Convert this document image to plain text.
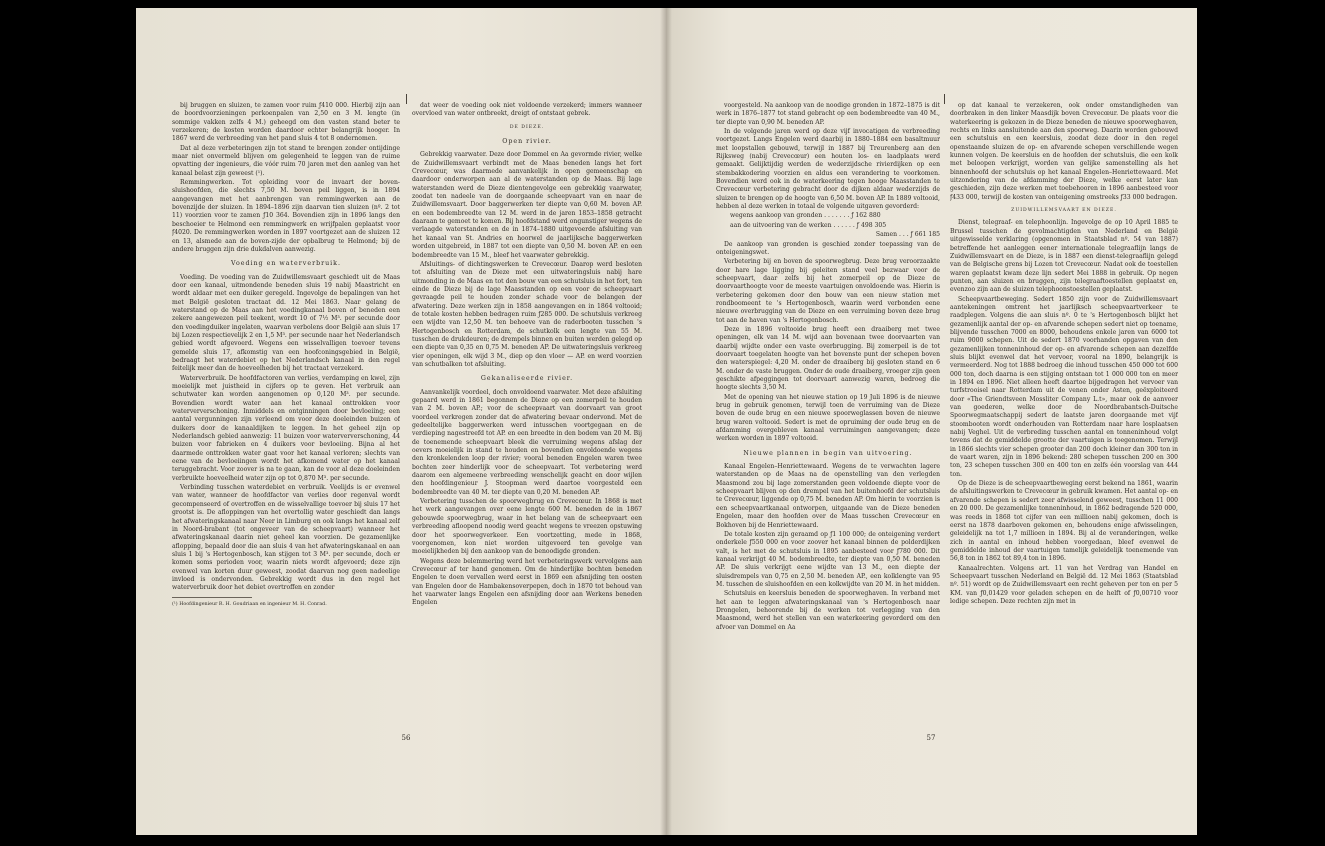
bij bruggen en sluizen, te zamen voor ruim ƒ410 000. Hierbij zijn aan de boordvoorzieningen perkoenpalen van 2,50 en 3 M. lengte (in sommige vakken zelfs 4 M.) geheegd om den vasten stand beter te verzekeren; de kosten worden daardoor echter belangrijk hooger. In 1867 werd de verbreeding van het pand sluis 4 tot 8 ondernomen.

Dat al deze verbeteringen zijn tot stand te brengen zonder ontijdinge maar niet onvermeld blijven om gelegenheid te leggen van de ruime opvatting der ingenieurs, die vóór ruim 70 jaren met den aanleg van het kanaal belast zijn geweest (¹).

Remmingwerken. Tot opleiding voor de invaart der boven-sluishoofden, die slechts 7,50 M. boven peil liggen, is in 1894 aangevangen met het aanbrengen van remmingwerken aan de bovenzijde der sluizen. In 1894–1896 zijn daarvan tien sluizen (nº. 2 tot 11) voorzien voor te zamen ƒ10 364. Bovendien zijn in 1896 langs den beschoeier te Helmond een remmingwerk en wrijfpalen geplaatst voor ƒ4020. De remmingwerken worden in 1897 voortgezet aan de sluizen 12 en 13, alsmede aan de boven-zijde der opbalbrug te Helmond; bij de andere bruggen zijn drie dukdalven aanwezig.

Voeding en waterverbruik.

Voeding. De voeding van de Zuidwillemsvaart geschiedt uit de Maas door een kanaal, uitmondende beneden sluis 19 nabij Maastricht en wordt aldaar met een duiker geregeld. Ingevolge de bepalingen van het met België gesloten tractaat dd. 12 Mei 1863. Naar gelang de waterstand op de Maas aan het voedingkanaal boven of beneden een zekere aangewezen peil teekent, wordt 10 of 7½ M³. per secunde door den voedingduiker ingelaten, waarvan verbolens door België aan sluis 17 bij Lozen respectievelijk 2 en 1,5 M³. per secunde naar het Nederlandsch gebied wordt afgevoerd. Wegens een wisselvalligen toevoer tevens gemelde sluis 17, afkomstig van een hoofconingsgebied in België, bedraagt het waterdebiet op het Nederlandsch kanaal in den regel feitelijk meer dan de hoeveelheden bij het tractaat verzekerd.

Waterverbruik. De hoofdfactoren van verlies, verdamping en kwel, zijn moeielijk met juistheid in cijfers op te geven. Het verbruik aan schutwater kan worden aangenomen op 0,120 M³. per secunde. Bovendien wordt water aan het kanaal onttrokken voor waterververschoning. Inmiddels en ontginningen door bevloeiing; een aantal vergunningen zijn verleend om voor deze doeleinden buizen of duikers door de kanaaldijken te leggen. In het geheel zijn op Nederlandsch gebied aanwezig: 11 buizen voor waterververschoning, 44 buizen voor fabrieken en 4 duikers voor bevloeiing. Bijna al het daarmede onttrokken water gaat voor het kanaal verloren; slechts van eene van de bevloeiingen wordt het afkomend water op het kanaal teruggebracht. Voor zoover is na te gaan, kan de voor al deze doeleinden verbruikte hoeveelheid water zijn op tot 0,870 M³. per secunde.

Verbinding tusschen waterdebiet en verbruik. Veelijds is er evenwel van water, wanneer de hoofdfactor van verlies door regenval wordt gecompenseerd of overtroffen en de wisselvallige toevoer bij sluis 17 het grootst is. De afloppingen van het overtollig water geschiedt dan langs het afwateringskanaal naar Neer in Limburg en ook langs het kanaal zelf in Noord-brabant (tot ongeveer van de scheepvaart) wanneer het afwateringskanaal daarin niet geheel kan voorzien. De gezamenlijke aflopping, bepaald door die aan sluis 4 van het afwateringskanaal en aan sluis 1 bij 's Hertogenbosch, kan stijgen tot 3 M³. per secunde, doch er komen soms perioden voor, waarin niets wordt afgevoerd; deze zijn evenwel van korten duur geweest, zoodat daarvan nog geen nadeelige invloed is ondervonden. Gebrekkig wordt dus in den regel het waterverbruik door het debiet overtroffen en zonder

(¹) Hoofdingenieur R. H. Goudriaan en ingenieur M. H. Conrad.

dat weer de voeding ook niet voldoende verzekerd; immers wanneer overvloed van water ontbreekt, dreigt of ontstaat gebrek.

DE DIEZE.

Open rivier.

Gebrekkig vaarwater. Deze door Dommel en Aa gevormde rivier, welke de Zuidwillemsvaart verbindt met de Maas beneden langs het fort Crevecœur, was daarmede aanvankelijk in open gemeenschap en daardoor onderworpen aan al de waterstanden op de Maas. Bij lage waterstanden werd de Dieze dientengevolge een gebrekkig vaarwater, zoodat ten nadeele van de doorgaande scheepvaart van en naar de Zuidwillemsvaart. Door baggerwerken ter diepte van 0,60 M. boven AP. en een bodembreedte van 12 M. werd in de jaren 1853–1858 getracht daaraan te gemoet te komen. Bij hoofdstand werd ongunstiger wegens de verlaagde waterstanden en de in 1874–1880 uitgevoerde afsluiting van het kanaal van St. Andries en hoorwel de jaarlijksche baggerwerken worden uitgebreid, in 1887 tot een diepte van 0,50 M. boven AP. en een bodembreedte van 15 M., bleef het vaarwater gebrekkig.

Afsluitings- of dichtingswerken te Crevecœur. Daarop werd besloten tot afsluiting van de Dieze met een uitwateringsluis nabij hare uitmonding in de Maas en tot den bouw van een schutsluis in het fort, ten einde de Dieze bij de lage Maasstanden op een voor de scheepvaart gevraagde peil te houden zonder schade voor de belangen der afwatering. Deze werken zijn in 1858 aangevangen en in 1864 voltooid; de totale kosten hebben bedragen ruim ƒ285 000. De schutsluis verkreeg een wijdte van 12,50 M. ten behoeve van de raderbooten tusschen 's Hertogenbosch en Rotterdam, de schutkolk een lengte van 55 M. tusschen de drukdeuren; de drempels binnen en buiten werden gelegd op een diepte van 0,35 en 0,75 M. beneden AP. De uitwateringsluis verkreeg vier openingen, elk wijd 3 M., diep op den vloer — AP. en werd voorzien van schutbalken tot afsluiting.

Gekanaliseerde rivier.

Aanvankelijk voordeel, doch onvoldoend vaarwater. Met deze afsluiting gepaard werd in 1861 begonnen de Dieze op een zomerpeil te houden van 2 M. boven AP.; voor de scheepvaart van doorvaart van groot voordeel verkregen zonder dat de afwatering bevaar ondervond. Met de gedeeltelijke baggerwerken werd intusschen voortgegaan en de verdieping nagestreefd tot AP. en een breedte in den bodem van 20 M. Bij de toenemende scheepvaart bleek die verruiming wegens afslag der oevers moeielijk in stand te houden en bovendien onvoldoende wegens den kronkelenden loop der rivier; vooral beneden Engelen waren twee bochten zeer hinderlijk voor de scheepvaart. Tot verbetering werd daarom een algemeene verbreeding wenschelijk geacht en door wijlen den hoofdingenieur J. Stoopman werd daartoe voorgesteld een bodembreedte van 40 M. ter diepte van 0,20 M. beneden AP.

Verbetering tusschen de spoorwegbrug en Crevecœur. In 1868 is met het werk aangevangen over eene lengte 600 M. beneden de in 1867 gebouwde spoorwegbrug, waar in het belang van de scheepvaart een verbreeding afloopend noodig werd geacht wegens te vreezen opstuwing door het spoorwegverkeer. Een voortzetting, mede in 1868, voorgenomen, kon niet worden uitgevoerd ten gevolge van moeielijkheden bij den aankoop van de benoodigde gronden.

Wegens deze belemmering werd het verbeteringswerk vervolgens aan Crevecœur af ter hand genomen. Om de hinderlijke bochten beneden Engelen te doen vervallen werd eerst in 1869 een afsnijding ten oosten van Engelen door de Hambakensoverpepen, doch in 1870 tot behoud van het vaarwater langs Engelen een afsnijding door aan Werkens beneden Engelen

56

voorgesteld. Na aankoop van de noodige gronden in 1872–1875 is dit werk in 1876–1877 tot stand gebracht op een bodembreedte van 40 M., ter diepte van 0,90 M. beneden AP.

In de volgende jaren werd op deze vijf invocatigen de verbreeding voortgezet. Langs Engelen werd daarbij in 1880–1884 een basaltmuur met loopstallen gebouwd, terwijl in 1887 bij Treurenberg aan den Rijksweg (nabij Crevecœur) een houten los- en laadplaats werd gemaakt. Gelijktijdig werden de wederzijdsche rivierdijken op een stembakkodering voorzien en aldus een verandering te voorkomen. Bovendien werd ook in de waterkeering tegen hooge Maasstanden te Crevecœur verbetering gebracht door de dijken aldaar wederzijds de sluizen te brengen op de hoogte van 6,50 M. boven AP. In 1889 voltooid, hebben al deze werken in totaal de volgende uitgaven gevorderd:

wegens aankoop van gronden . . . . . . . ƒ 162 880

aan de uitvoering van de werken . . . . . . ƒ 498 305

Samen . . . ƒ 661 185

De aankoop van gronden is geschied zonder toepassing van de onteigeningswet.

Verbetering bij en boven de spoorwegbrug. Deze brug veroorzaakte door hare lage ligging bij geleiten stand veel bezwaar voor de scheepvaart, daar zelfs bij het zomerpeil op de Dieze de doorvaarthoogte voor de meeste vaartuigen onvoldoende was. Hierin is verbetering gekomen door den bouw van een nieuw station met rondboomeent te 's Hertogenbosch, waarin werd verbonden eene nieuwe overbrugging van de Dieze en een verruiming boven deze brug tot aan de haven van 's Hertogenbosch.

Deze in 1896 voltooide brug heeft een draaiberg met twee openingen, elk van 14 M. wijd aan bovenaan twee doorvaarten van daarbij wijdte onder een vaste overbrugging. Bij zomerpeil is de tot doorvaart toegelaten hoogte van het bovenste punt der schepen boven den waterspiegel: 4,20 M. onder de draaiberg bij gesloten stand en 6 M. onder de vaste bruggen. Onder de oude draaiberg, vroeger zijn geen geschikte afpeggingen tot doorvaart aanwezig waren, bedroeg die hoogte slechts 3,50 M.

Met de opening van het nieuwe station op 19 Juli 1896 is de nieuwe brug in gebruik genomen, terwijl toen de verruiming van de Dieze boven de oude brug en een nieuwe spoorweglassen boven de nieuwe brug waren voltooid. Sedert is met de opruiming der oude brug en de afdamming overgebleven kanaal verruimingen aangevangen; deze werken worden in 1897 voltooid.

Nieuwe plannen in begin van uitvoering.

Kanaal Engelen–Henriettewaard. Wegens de te verwachten lagere waterstanden op de Maas na de openstelling van den verlegden Maasmond zou bij lage zomerstanden geen voldoende diepte voor de scheepvaart blijven op den drempel van het buitenhoofd der schutsluis te Crevecœur, liggende op 0,75 M. beneden AP. Om hierin te voorzien is een scheepvaartkanaal ontworpen, uitgaande van de Dieze beneden Engelen, maar den hoofden over de Maas tusschen Crevecœur en Bokhoven bij de Henriettewaard.

De totale kosten zijn geraamd op ƒ1 100 000; de onteigening verdert onderkele ƒ550 000 en voor zoover het kanaal binnen de polderdijken valt, is het met de schutsluis in 1895 aanbesteed voor ƒ780 000. Dit kanaal verkrijgt 40 M. bodembreedte, ter diepte van 0,50 M. beneden AP. De sluis verkrijgt eene wijdte van 13 M., een diepte der sluisdrempels van 0,75 en 2,50 M. beneden AP., een kolklengte van 95 M. tusschen de sluishoofden en een kolkwijdte van 20 M. in het midden.

Schutsluis en keersluis beneden de spoorweghaven. In verband met het aan te leggen afwateringskanaal van 's Hertogenbosch naar Drongelen, behoorende bij de werken tot verlegging van den Maasmond, werd het stellen van een waterkeering gevorderd om den afvoer van Dommel en Aa

op dat kanaal te verzekeren, ook onder omstandigheden van doorbraken in den linker Maasdijk boven Crevecœur. De plaats voor die waterkeering is gekozen in de Dieze beneden de nieuwe spoorweghaven, rechts en links aansluitende aan den spoorweg. Daarin worden gebouwd een schutsluis en een keersluis, zoodat deze door in den regel openstaande sluizen de op- en afvarende schepen verschillende wegen kunnen volgen. De keersluis en de hoofden der schutsluis, die een kolk met beloopen verkrijgt, worden van gelijke samenstelling als het binnenhoofd der schutsluis op het kanaal Engelen–Henriettewaard. Met uitzondering van de afdamming der Dieze, welke eerst later kan geschieden, zijn deze werken met toebehooren in 1896 aanbesteed voor ƒ433 000, terwijl de kosten van onteigening omstreeks ƒ33 000 bedragen.

ZUIDWILLEMSVAART EN DIEZE.

Dienst, telegraaf- en telephoonlijn. Ingevolge de op 10 April 1885 te Brussel tusschen de gevolmachtigden van Nederland en België uitgewisselde verklaring (opgenomen in Staatsblad nº. 54 van 1887) betreffende het aanleggen eener internationale telegraaflijn langs de Zuidwillemsvaart en de Dieze, is in 1887 een dienst-telegraaflijn gelegd van de Belgische grens bij Lozen tot Crevecœur. Nadat ook de toestellen waren geplaatst kwam deze lijn sedert Mei 1888 in gebruik. Op negen punten, aan sluizen en bruggen, zijn telegraaftoestellen geplaatst en, evenzoo zijn aan de sluizen telephoonstoestellen geplaatst.

Scheepvaartbeweging. Sedert 1850 zijn voor de Zuidwillemsvaart aantekeningen omtrent het jaarlijksch scheepvaartverkeer te raadplegen. Volgens die aan sluis nº. 0 te 's Hertogenbosch blijkt het gezamenlijk aantal der op- en afvarende schepen sedert niet op toename, blijvende tusschen 7000 en 8000, behoudens enkele jaren van 6000 tot ruim 9000 schepen. Uit de sedert 1870 voorhanden opgaven van den gezamenlijken tonneninhoud der op- en afvarende schepen aan dezelfde sluis blijkt evenwel dat het vervoer, vooral na 1890, belangrijk is vermeerderd. Nog tot 1888 bedroeg die inhoud tusschen 450 000 tot 600 000 ton, doch daarna is een stijging ontstaan tot 1 000 000 ton en meer in 1894 en 1896. Niet alleen heeft daartoe bijgedragen het vervoer van turfstrooisel naar Rotterdam uit de venen onder Asten, geëxploiteerd door «The Griendtsveen Mossliter Company L.t», maar ook de aanvoer van goederen, welke door de Noordbrabantsch-Duitsche Spoorwegmaatschappij sedert de laatste jaren doorgaande met vijf stoombooten wordt onderhouden van Rotterdam naar hare losplaatsen nabij Veghel. Uit de verbreding tusschen aantal en tonneninhoud volgt tevens dat de gemiddelde grootte der vaartuigen is toegenomen. Terwijl in 1866 slechts vier schepen grooter dan 200 doch kleiner dan 300 ton in de vaart waren, zijn in 1896 bekend: 280 schepen tusschen 200 en 300 ton, 23 schepen tusschen 300 en 400 ton en zelfs één voorslag van 444 ton.

Op de Dieze is de scheepvaartbeweging eerst bekend na 1861, waarin de afsluitingswerken te Crevecœur in gebruik kwamen. Het aantal op- en afvarende schepen is sedert zeer afwisselend geweest, tusschen 11 000 en 20 000. De gezamenlijke tonneninhoud, in 1862 bedragende 520 000, was reeds in 1868 tot cijfer van een millioen nabij gekomen, doch is eerst na 1878 daarboven gekomen en, behoudens enige afwisselingen, geleidelijk na tot 1,7 millioen in 1894. Bij al de veranderingen, welke zich in aantal en inhoud hebben voorgedaan, bleef evenwel de gemiddelde inhoud der vaartuigen tamelijk geleidelijk toenemende van 56,8 ton in 1862 tot 89,4 ton in 1896.

Kanaalrechten. Volgens art. 11 van het Verdrag van Handel en Scheepvaart tusschen Nederland en België dd. 12 Mei 1863 (Staatsblad nº. 51) wordt op de Zuidwillemsvaart een recht geheven per ton en per 5 KM. van ƒ0,01429 voor geladen schepen en de helft of ƒ0,00710 voor ledige schepen. Deze rechten zijn met in

57
